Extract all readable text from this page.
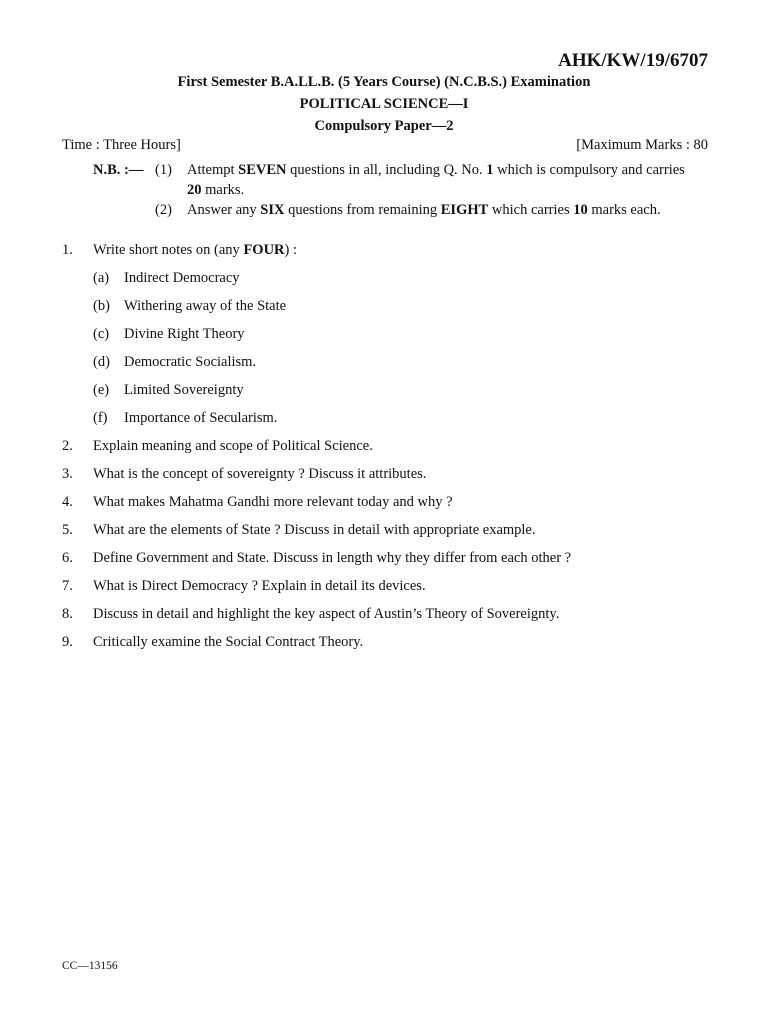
AHK/KW/19/6707
First Semester B.A.LL.B. (5 Years Course) (N.C.B.S.) Examination
POLITICAL SCIENCE—I
Compulsory Paper—2
Time : Three Hours]	[Maximum Marks : 80
N.B. :— (1) Attempt SEVEN questions in all, including Q. No. 1 which is compulsory and carries
20 marks.
(2) Answer any SIX questions from remaining EIGHT which carries 10 marks each.
1. Write short notes on (any FOUR) :
(a) Indirect Democracy
(b) Withering away of the State
(c) Divine Right Theory
(d) Democratic Socialism.
(e) Limited Sovereignty
(f) Importance of Secularism.
2. Explain meaning and scope of Political Science.
3. What is the concept of sovereignty ? Discuss it attributes.
4. What makes Mahatma Gandhi more relevant today and why ?
5. What are the elements of State ? Discuss in detail with appropriate example.
6. Define Government and State. Discuss in length why they differ from each other ?
7. What is Direct Democracy ? Explain in detail its devices.
8. Discuss in detail and highlight the key aspect of Austin’s Theory of Sovereignty.
9. Critically examine the Social Contract Theory.
CC—13156
